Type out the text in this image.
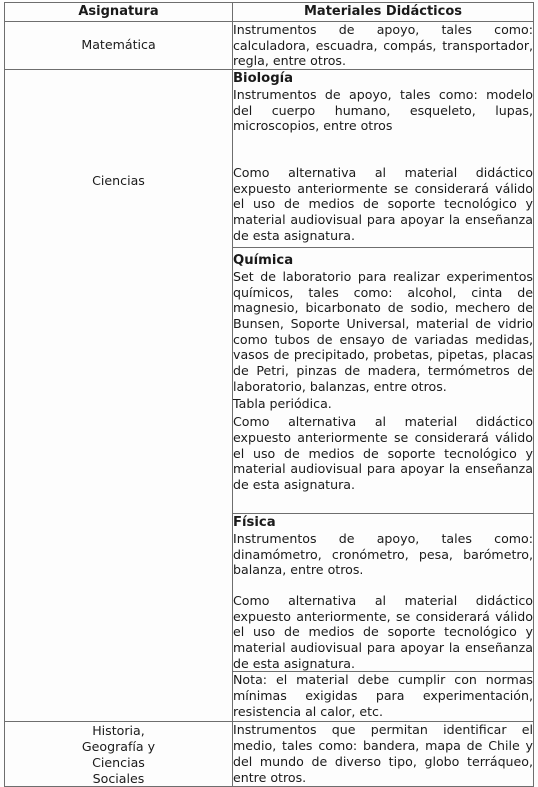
Asignatura	Materiales Didácticos
Matemática	Instrumentos de apoyo, tales como: calculadora, escuadra, compás, transportador, regla, entre otros.

Ciencias	Biología
Instrumentos de apoyo, tales como: modelo del cuerpo humano, esqueleto, lupas, microscopios, entre otros
Como alternativa al material didáctico expuesto anteriormente se considerará válido el uso de medios de soporte tecnológico y material audiovisual para apoyar la enseñanza de esta asignatura.

	Química
Set de laboratorio para realizar experimentos químicos, tales como: alcohol, cinta de magnesio, bicarbonato de sodio, mechero de Bunsen, Soporte Universal, material de vidrio como tubos de ensayo de variadas medidas, vasos de precipitado, probetas, pipetas, placas de Petri, pinzas de madera, termómetros de laboratorio, balanzas, entre otros.
Tabla periódica.
Como alternativa al material didáctico expuesto anteriormente se considerará válido el uso de medios de soporte tecnológico y material audiovisual para apoyar la enseñanza de esta asignatura.

	Física
Instrumentos de apoyo, tales como: dinamómetro, cronómetro, pesa, barómetro, balanza, entre otros.
Como alternativa al material didáctico expuesto anteriormente, se considerará válido el uso de medios de soporte tecnológico y material audiovisual para apoyar la enseñanza de esta asignatura.

	Nota: el material debe cumplir con normas mínimas exigidas para experimentación, resistencia al calor, etc.

Historia, Geografía y Ciencias Sociales	Instrumentos que permitan identificar el medio, tales como: bandera, mapa de Chile y del mundo de diverso tipo, globo terráqueo, entre otros.
